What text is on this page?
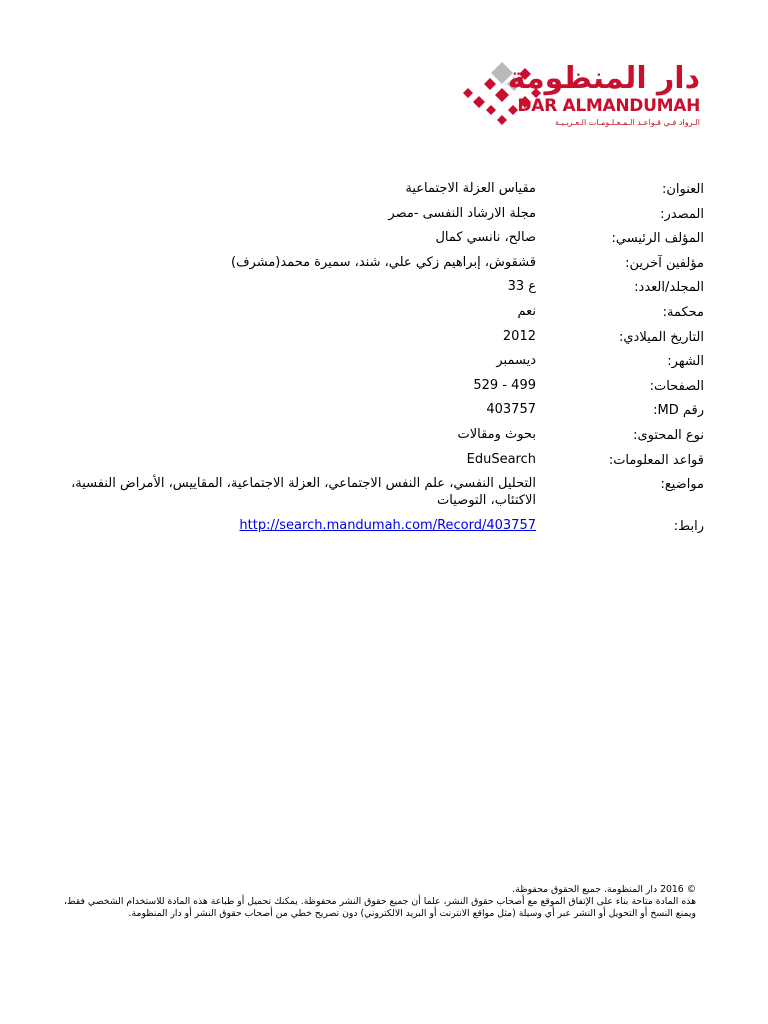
دار المنظومة
DAR ALMANDUMAH
الـرواد فـي قـواعـد الـمـعـلـومـات الـعـربـيـة
العنوان:
مقياس العزلة الاجتماعية
المصدر:
مجلة الارشاد النفسى -مصر
المؤلف الرئيسي:
صالح، نانسي كمال
مؤلفين آخرين:
قشقوش، إبراهيم زكي علي، شند، سميرة محمد(مشرف)
المجلد/العدد:
ع 33
محكمة:
نعم
التاريخ الميلادي:
2012
الشهر:
ديسمبر
الصفحات:
499 - 529
رقم MD:
403757
نوع المحتوى:
بحوث ومقالات
قواعد المعلومات:
EduSearch
مواضيع:
التحليل النفسي، علم النفس الاجتماعي، العزلة الاجتماعية، المقاييس، الأمراض النفسية، الاكتئاب، التوصيات
رابط:
http://search.mandumah.com/Record/403757
© 2016 دار المنظومة. جميع الحقوق محفوظة.
هذه المادة متاحة بناء على الإتفاق الموقع مع أصحاب حقوق النشر، علما أن جميع حقوق النشر محفوظة. يمكنك تحميل أو طباعة هذه المادة للاستخدام الشخصي فقط، ويمنع النسخ أو التحويل أو النشر عبر أي وسيلة (مثل مواقع الانترنت أو البريد الالكتروني) دون تصريح خطي من أصحاب حقوق النشر أو دار المنظومة.
